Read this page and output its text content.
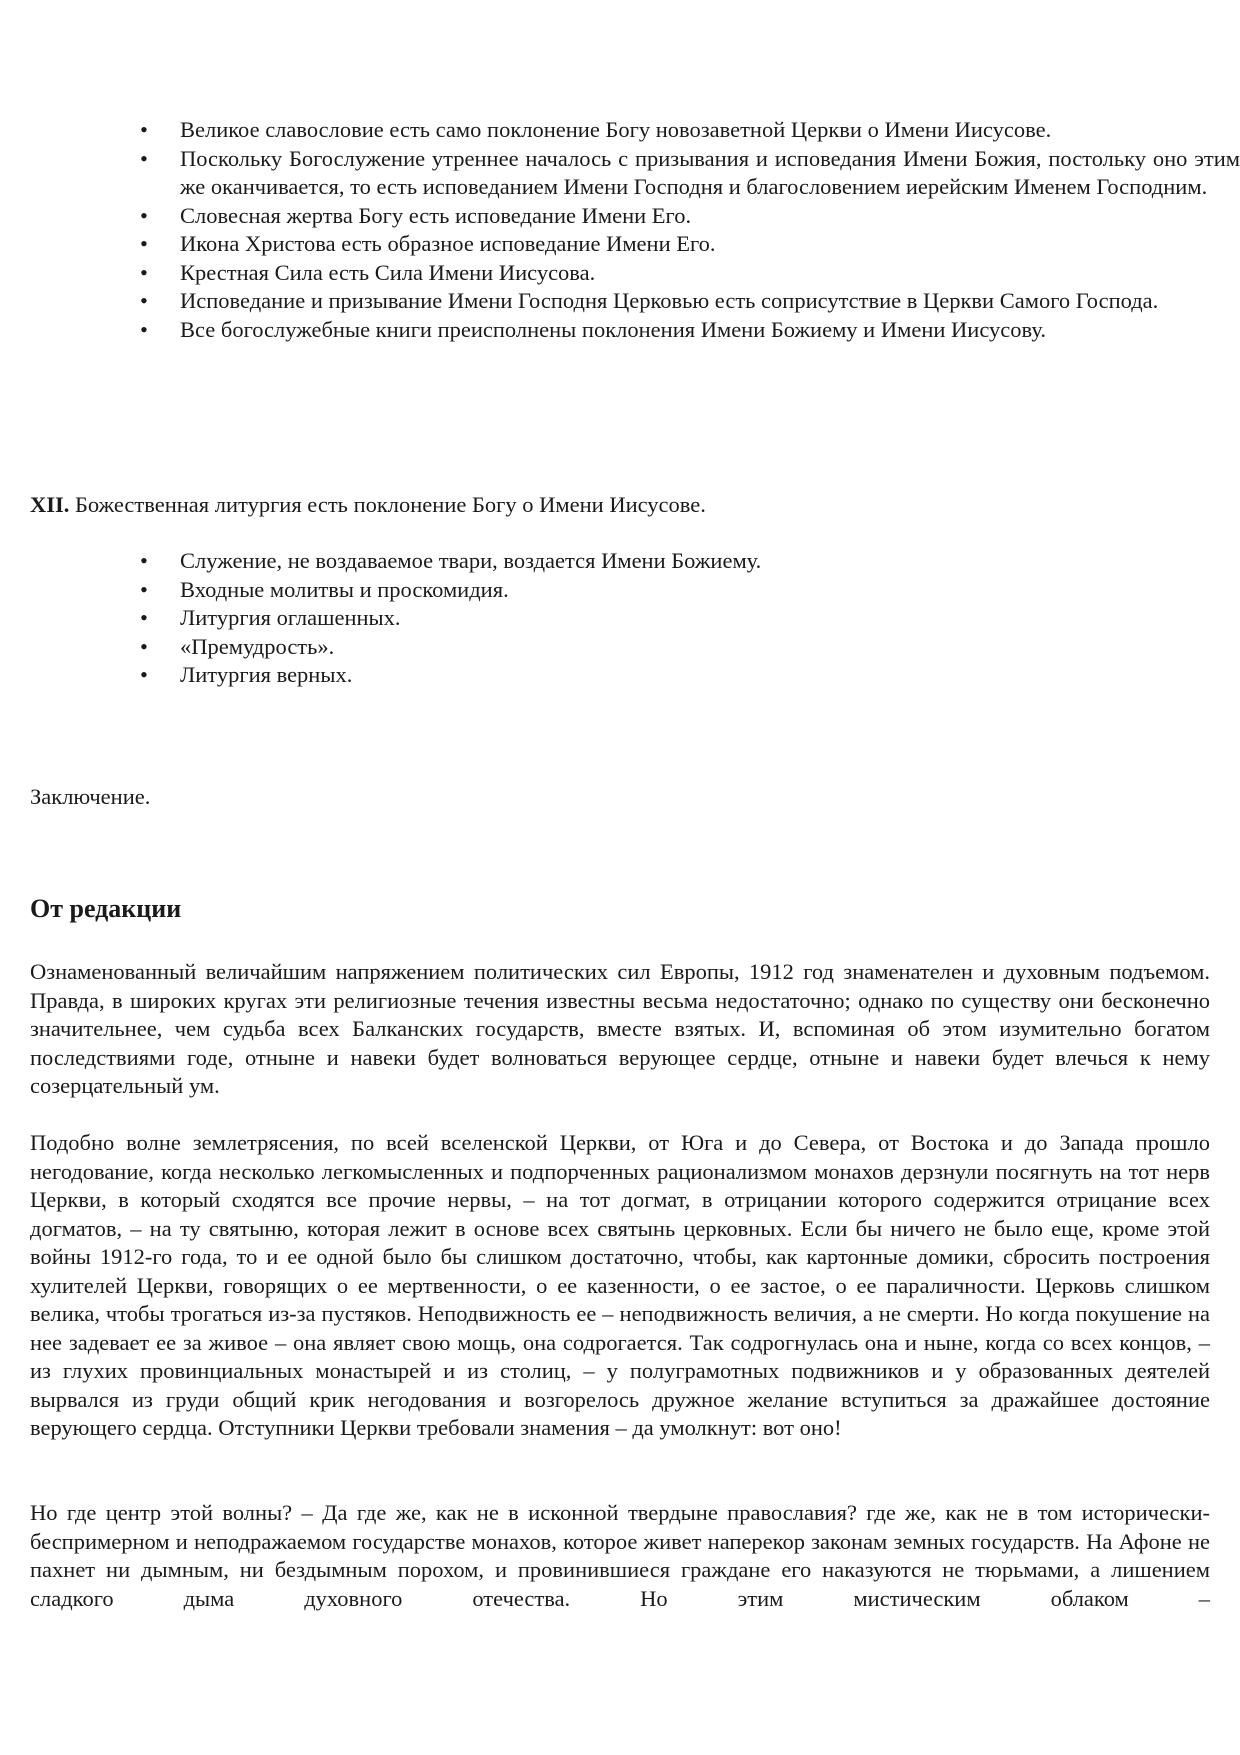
•	Великое славословие есть само поклонение Богу новозаветной Церкви о Имени Иисусове.
•	Поскольку Богослужение утреннее началось с призывания и исповедания Имени Божия, постольку оно этим же оканчивается, то есть исповеданием Имени Господня и благословением иерейским Именем Господним.
•	Словесная жертва Богу есть исповедание Имени Его.
•	Икона Христова есть образное исповедание Имени Его.
•	Крестная Сила есть Сила Имени Иисусова.
•	Исповедание и призывание Имени Господня Церковью есть соприсутствие в Церкви Самого Господа.
•	Все богослужебные книги преисполнены поклонения Имени Божиему и Имени Иисусову.
XII. Божественная литургия есть поклонение Богу о Имени Иисусове.
•	Служение, не воздаваемое твари, воздается Имени Божиему.
•	Входные молитвы и проскомидия.
•	Литургия оглашенных.
•	«Премудрость».
•	Литургия верных.
Заключение.
От редакции

Ознаменованный величайшим напряжением политических сил Европы, 1912 год знаменателен и духовным подъемом. Правда, в широких кругах эти религиозные течения известны весьма недостаточно; однако по существу они бесконечно значительнее, чем судьба всех Балканских государств, вместе взятых. И, вспоминая об этом изумительно богатом последствиями годе, отныне и навеки будет волноваться верующее сердце, отныне и навеки будет влечься к нему созерцательный ум.

Подобно волне землетрясения, по всей вселенской Церкви, от Юга и до Севера, от Востока и до Запада прошло негодование, когда несколько легкомысленных и подпорченных рационализмом монахов дерзнули посягнуть на тот нерв Церкви, в который сходятся все прочие нервы, – на тот догмат, в отрицании которого содержится отрицание всех догматов, – на ту святыню, которая лежит в основе всех святынь церковных. Если бы ничего не было еще, кроме этой войны 1912-го года, то и ее одной было бы слишком достаточно, чтобы, как картонные домики, сбросить построения хулителей Церкви, говорящих о ее мертвенности, о ее казенности, о ее застое, о ее параличности. Церковь слишком велика, чтобы трогаться из-за пустяков. Неподвижность ее – неподвижность величия, а не смерти. Но когда покушение на нее задевает ее за живое – она являет свою мощь, она содрогается. Так содрогнулась она и ныне, когда со всех концов, – из глухих провинциальных монастырей и из столиц, – у полуграмотных подвижников и у образованных деятелей вырвался из груди общий крик негодования и возгорелось дружное желание вступиться за дражайшее достояние верующего сердца. Отступники Церкви требовали знамения – да умолкнут: вот оно!

Но где центр этой волны? – Да где же, как не в исконной твердыне православия? где же, как не в том исторически-беспримерном и неподражаемом государстве монахов, которое живет наперекор законам земных государств. На Афоне не пахнет ни дымным, ни бездымным порохом, и провинившиеся граждане его наказуются не тюрьмами, а лишением сладкого дыма духовного отечества. Но этим мистическим облаком –
